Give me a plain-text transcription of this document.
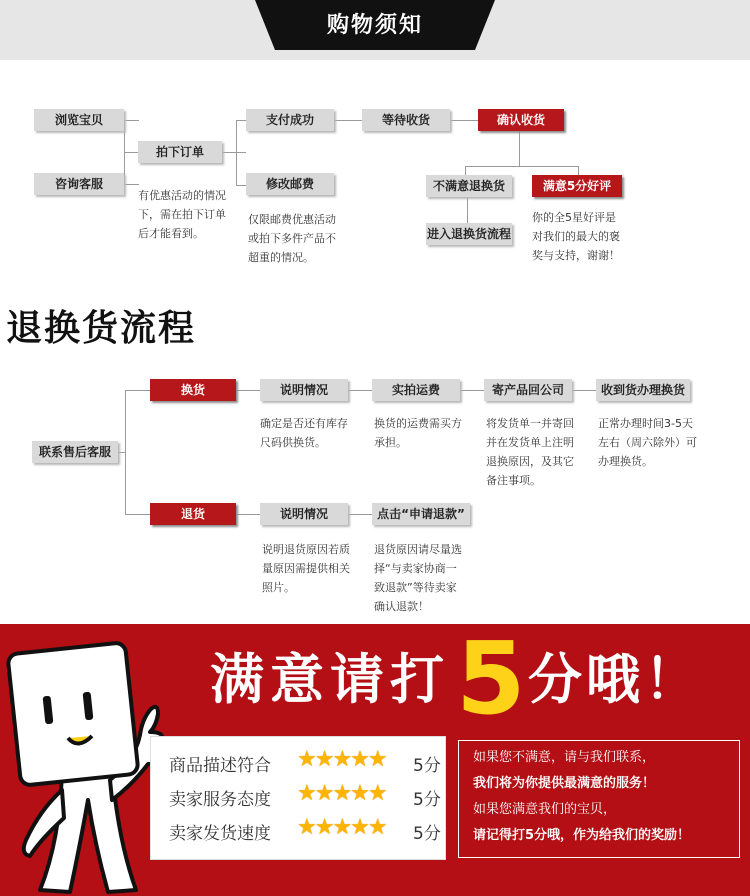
购物须知
浏览宝贝
咨询客服
拍下订单
有优惠活动的情况
下，需在拍下订单
后才能看到。
支付成功
修改邮费
仅限邮费优惠活动
或拍下多件产品不
超重的情况。
等待收货	确认收货
不满意退换货
进入退换货流程
满意5分好评
你的全5星好评是
对我们的最大的褒
奖与支持，谢谢！
退换货流程
联系售后客服
换货
退货
说明情况
确定是否还有库存
尺码供换货。
实拍运费
换货的运费需买方
承担。
寄产品回公司
将发货单一并寄回
并在发货单上注明
退换原因，及其它
备注事项。
收到货办理换货
正常办理时间3-5天
左右（周六除外）可
办理换货。
说明情况
说明退货原因若质
量原因需提供相关
照片。
点击“申请退款”
退货原因请尽量选
择“与卖家协商一
致退款”等待卖家
确认退款！
满意请打 5 分哦！
商品描述符合 ★★★★★ 5分
卖家服务态度 ★★★★★ 5分
卖家发货速度 ★★★★★ 5分
如果您不满意，请与我们联系，
我们将为你提供最满意的服务！
如果您满意我们的宝贝，
请记得打5分哦，作为给我们的奖励！
